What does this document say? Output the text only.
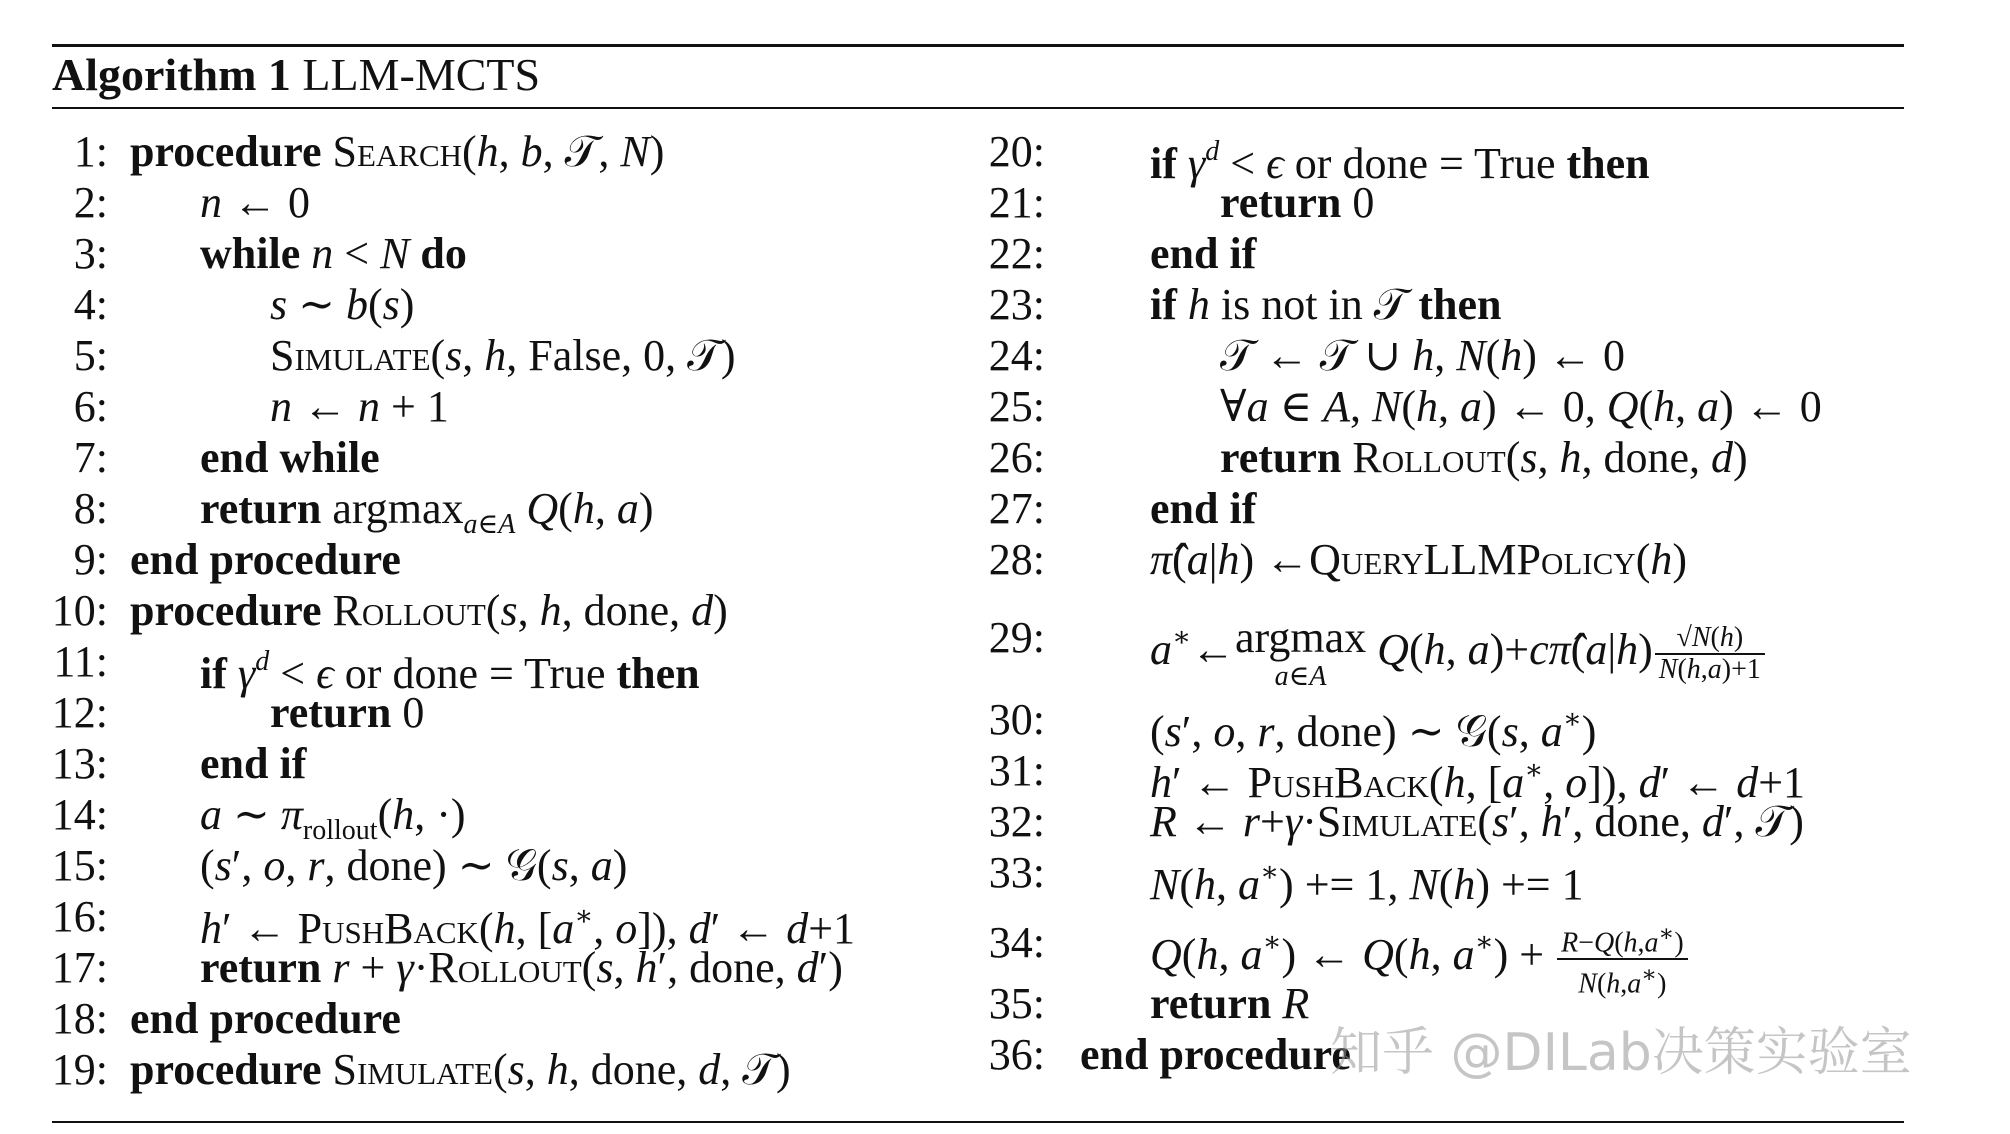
Algorithm 1 LLM-MCTS
1: procedure Search(h, b, 𝒯, N)
2: n ← 0
3: while n < N do
4:	s ∼ b(s)
5:	Simulate(s, h, False, 0, 𝒯)
6:	n ← n + 1
7: end while
8: return argmax$_{a\in A}$ Q(h, a)
9: end procedure
10: procedure Rollout(s, h, done, d)
11: if $\gamma^d < \epsilon$ or done = True then
12:	return 0
13: end if
14: a ∼ $\pi_{rollout}(h$, ·)
15: (s′, o, r, done) ∼ 𝒢(s, a)
16: h′ ← PushBack(h, [a∗, o]), d′ ← d+1
17: return r + γ·Rollout(s, h′, done, d′)
18: end procedure
19: procedure Simulate(s, h, done, d, 𝒯)
20: if $\gamma^d < \epsilon$ or done = True then
21:	return 0
22: end if
23: if h is not in 𝒯 then
24:	𝒯 ← 𝒯 ∪ h, N(h) ← 0
25:	∀a ∈ A, N(h, a) ← 0, Q(h, a) ← 0
26:	return Rollout(s, h, done, d)
27: end if
28: π̂(a|h) ←QueryLLMPolicy(h)
29: a∗←argmax
a∈A
Q(h, a)+cπ̂(a|h) $\frac{√N(h)}{N(h,a)+1}$
30: (s′, o, r, done) ∼ 𝒢(s, a∗)
31: h′ ← PushBack(h, [a∗, o]), d′ ← d+1
32: R ← r+γ·Simulate(s′, h′, done, d′, 𝒯)
33: N(h, a∗) += 1, N(h) += 1
34: Q(h, a∗) ← Q(h, $a^∗) + \frac{R-Q(h,a^∗)}{N(h,a^∗)}$
35: return R
36: end procedure
知乎 @DILab决策实验室
